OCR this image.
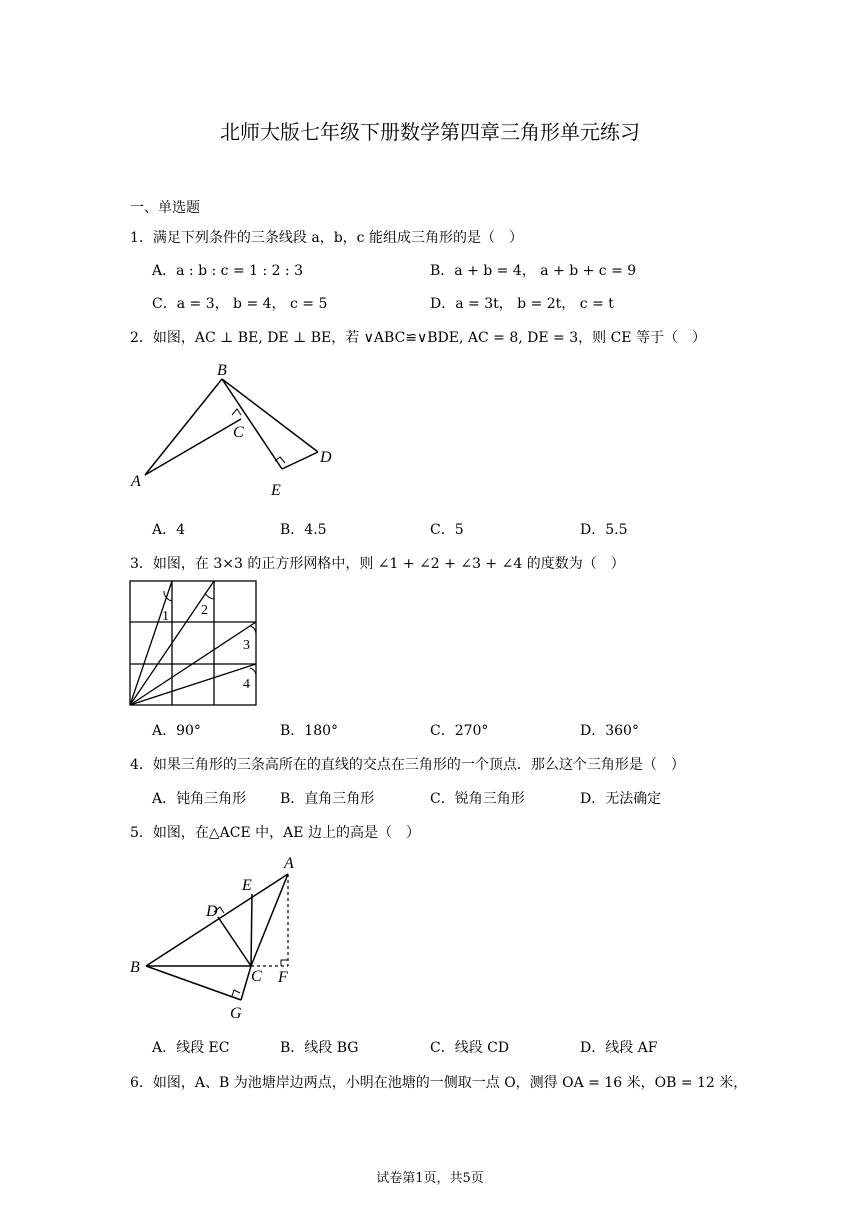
北师大版七年级下册数学第四章三角形单元练习
一、单选题
1．满足下列条件的三条线段 a，b，c 能组成三角形的是（　）
A．a : b : c = 1 : 2 : 3	B．a + b = 4， a + b + c = 9
C．a = 3， b = 4， c = 5	D．a = 3t， b = 2t， c = t
2．如图，AC ⊥ BE, DE ⊥ BE，若 ∨ABC≌∨BDE, AC = 8, DE = 3，则 CE 等于（　）
B
C
A
E
D
A．4	B．4.5	C．5	D．5.5
3．如图，在 3×3 的正方形网格中，则 ∠1 + ∠2 + ∠3 + ∠4 的度数为（　）
1 2
3
4
A．90°	B．180°	C．270°	D．360°
4．如果三角形的三条高所在的直线的交点在三角形的一个顶点．那么这个三角形是（　）
A．钝角三角形 B．直角三角形	C．锐角三角形	D．无法确定
5．如图，在△ACE 中，AE 边上的高是（　）
A
E
D
B
C F
G
A．线段 EC	B．线段 BG	C．线段 CD	D．线段 AF
6．如图，A、B 为池塘岸边两点，小明在池塘的一侧取一点 O，测得 OA = 16 米，OB = 12 米，
试卷第1页，共5页
